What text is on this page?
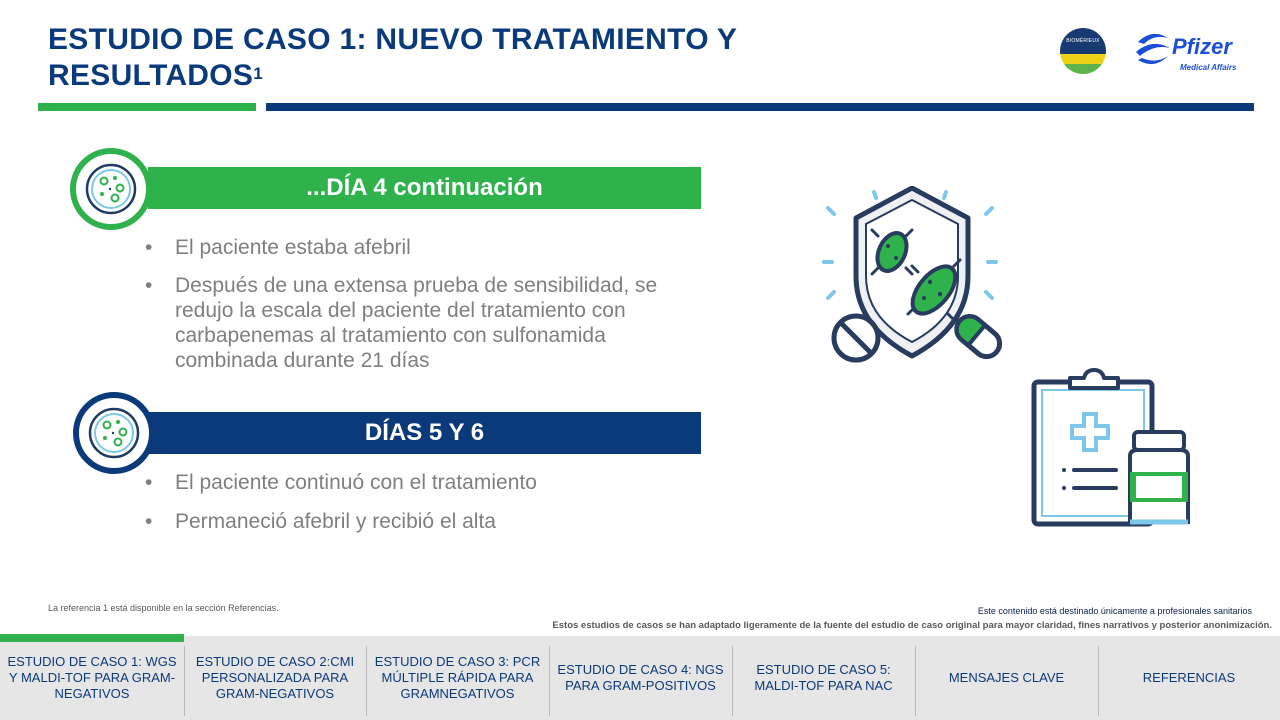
ESTUDIO DE CASO 1: NUEVO TRATAMIENTO Y RESULTADOS$^1$
BIOMÉRIEUX	Pfizer
Medical Affairs
...DÍA 4 continuación
• El paciente estaba afebril
• Después de una extensa prueba de sensibilidad, se redujo la escala del paciente del tratamiento con carbapenemas al tratamiento con sulfonamida combinada durante 21 días
DÍAS 5 Y 6
• El paciente continuó con el tratamiento
• Permaneció afebril y recibió el alta
La referencia 1 está disponible en la sección Referencias.	Este contenido está destinado únicamente a profesionales sanitarios
Estos estudios de casos se han adaptado ligeramente de la fuente del estudio de caso original para mayor claridad, fines narrativos y posterior anonimización.
ESTUDIO DE CASO 1: WGS Y MALDI-TOF PARA GRAM-NEGATIVOS
ESTUDIO DE CASO 2:CMI PERSONALIZADA PARA GRAM-NEGATIVOS
ESTUDIO DE CASO 3: PCR MÚLTIPLE RÁPIDA PARA GRAMNEGATIVOS
ESTUDIO DE CASO 4: NGS PARA GRAM-POSITIVOS
ESTUDIO DE CASO 5: MALDI-TOF PARA NAC
MENSAJES CLAVE	REFERENCIAS
